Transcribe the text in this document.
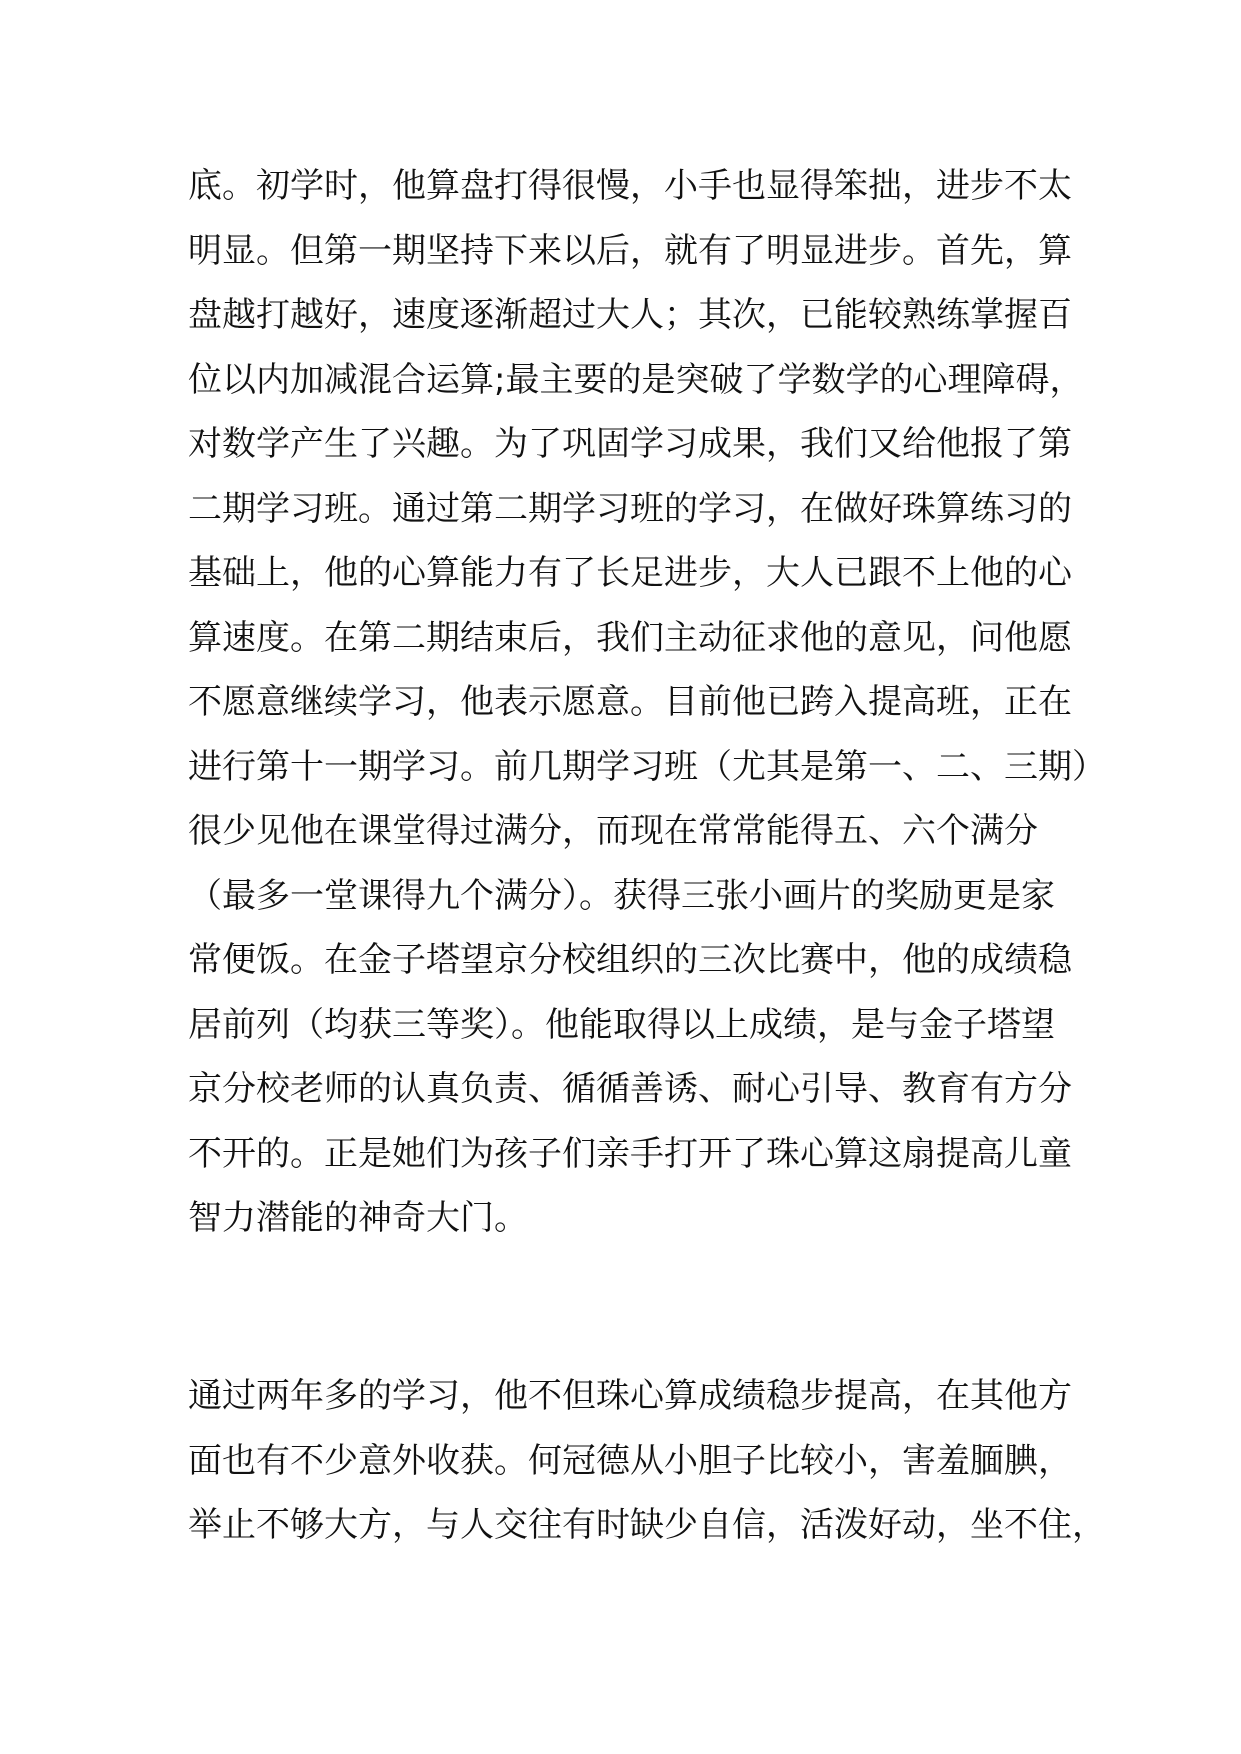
底。初学时，他算盘打得很慢，小手也显得笨拙，进步不太
明显。但第一期坚持下来以后，就有了明显进步。首先，算
盘越打越好，速度逐渐超过大人；其次，已能较熟练掌握百
位以内加减混合运算;最主要的是突破了学数学的心理障碍，
对数学产生了兴趣。为了巩固学习成果，我们又给他报了第
二期学习班。通过第二期学习班的学习，在做好珠算练习的
基础上，他的心算能力有了长足进步，大人已跟不上他的心
算速度。在第二期结束后，我们主动征求他的意见，问他愿
不愿意继续学习，他表示愿意。目前他已跨入提高班，正在
进行第十一期学习。前几期学习班（尤其是第一、二、三期）
很少见他在课堂得过满分，而现在常常能得五、六个满分
（最多一堂课得九个满分）。获得三张小画片的奖励更是家
常便饭。在金子塔望京分校组织的三次比赛中，他的成绩稳
居前列（均获三等奖）。他能取得以上成绩，是与金子塔望
京分校老师的认真负责、循循善诱、耐心引导、教育有方分
不开的。正是她们为孩子们亲手打开了珠心算这扇提高儿童
智力潜能的神奇大门。
通过两年多的学习，他不但珠心算成绩稳步提高，在其他方
面也有不少意外收获。何冠德从小胆子比较小，害羞腼腆，
举止不够大方，与人交往有时缺少自信，活泼好动，坐不住，
